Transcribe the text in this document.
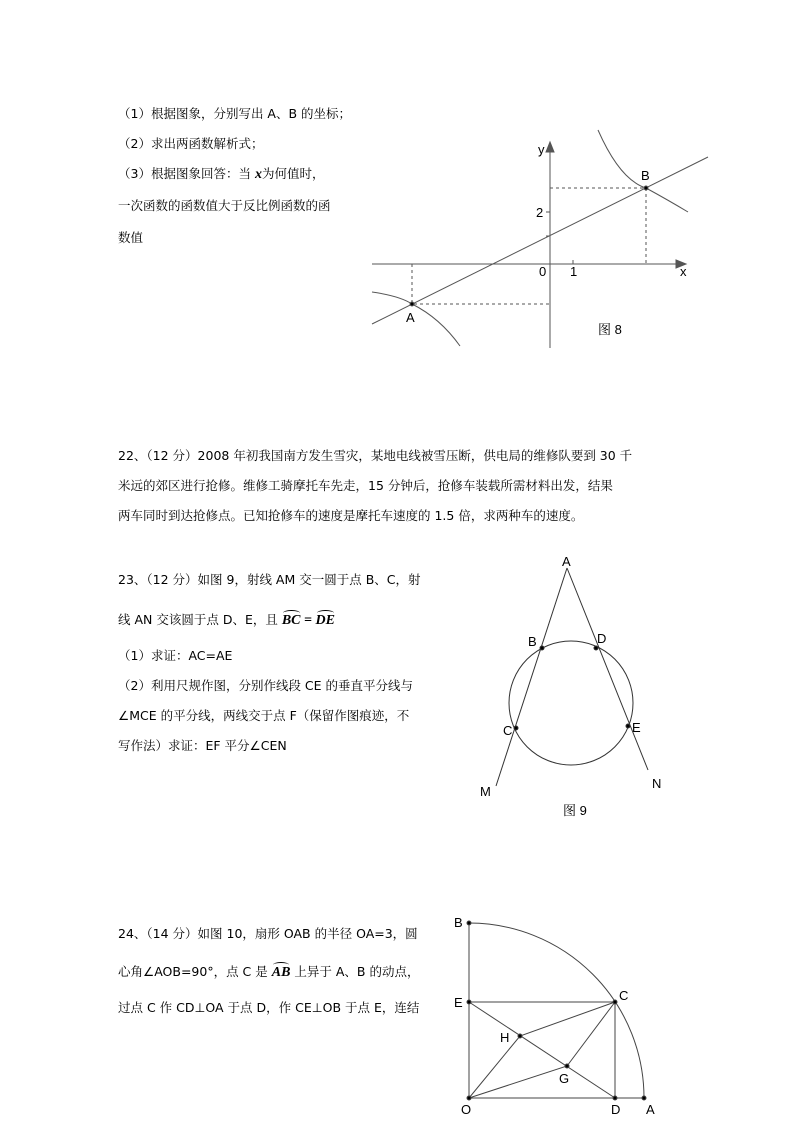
（1）根据图象，分别写出 A、B 的坐标；
（2）求出两函数解析式；
（3）根据图象回答：当 x为何值时，
一次函数的函数值大于反比例函数的函
数值
22、（12 分）2008 年初我国南方发生雪灾，某地电线被雪压断，供电局的维修队要到 30 千
米远的郊区进行抢修。维修工骑摩托车先走，15 分钟后，抢修车装载所需材料出发，结果
两车同时到达抢修点。已知抢修车的速度是摩托车速度的 1.5 倍，求两种车的速度。
23、（12 分）如图 9，射线 AM 交一圆于点 B、C，射
线 AN 交该圆于点 D、E，且 BC = DE
（1）求证：AC=AE
（2）利用尺规作图，分别作线段 CE 的垂直平分线与
∠MCE 的平分线，两线交于点 F（保留作图痕迹，不
写作法）求证：EF 平分∠CEN
24、（14 分）如图 10，扇形 OAB 的半径 OA=3，圆
心角∠AOB=90°，点 C 是 AB 上异于 A、B 的动点，
过点 C 作 CD⊥OA 于点 D，作 CE⊥OB 于点 E，连结
y
x
0 1
2
B
A
图 8
A
B	D
C	E
M
N
图 9
B
E	C
H
G
O	D A
